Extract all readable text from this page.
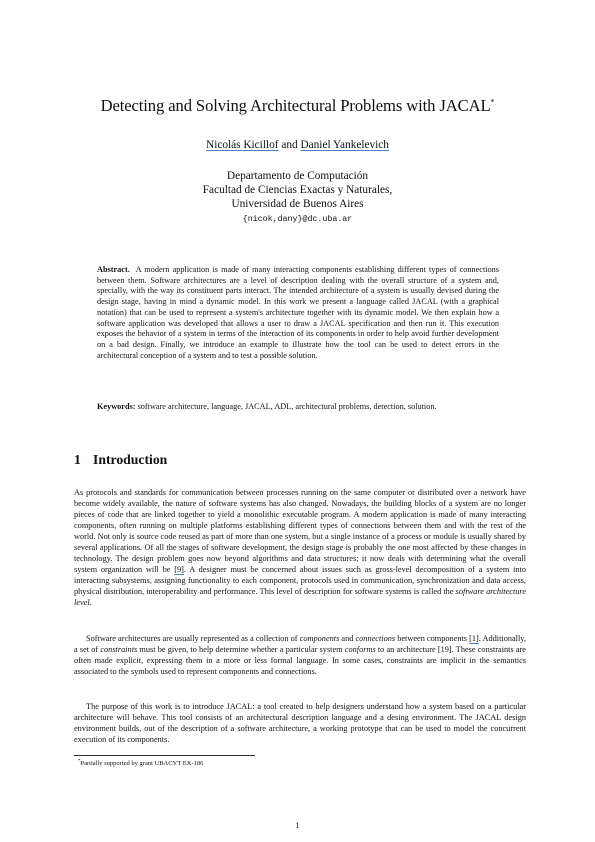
Detecting and Solving Architectural Problems with JACAL*
Nicolás Kicillof and Daniel Yankelevich
Departamento de Computación
Facultad de Ciencias Exactas y Naturales,
Universidad de Buenos Aires
{nicok,dany}@dc.uba.ar
Abstract. A modern application is made of many interacting components establishing different types of connections between them. Software architectures are a level of description dealing with the overall structure of a system and, specially, with the way its constituent parts interact. The intended architecture of a system is usually devised during the design stage, having in mind a dynamic model. In this work we present a language called JACAL (with a graphical notation) that can be used to represent a system's architecture together with its dynamic model. We then explain how a software application was developed that allows a user to draw a JACAL specification and then run it. This execution exposes the behavior of a system in terms of the interaction of its components in order to help avoid further development on a bad design. Finally, we introduce an example to illustrate how the tool can be used to detect errors in the architectural conception of a system and to test a possible solution.
Keywords: software architecture, language, JACAL, ADL, architectural problems, detection, solution.
1 Introduction
As protocols and standards for communication between processes running on the same computer or distributed over a network have become widely available, the nature of software systems has also changed. Nowadays, the building blocks of a system are no longer pieces of code that are linked together to yield a monolithic executable program. A modern application is made of many interacting components, often running on multiple platforms establishing different types of connections between them and with the rest of the world. Not only is source code reused as part of more than one system, but a single instance of a process or module is usually shared by several applications. Of all the stages of software development, the design stage is probably the one most affected by these changes in technology. The design problem goes now beyond algorithms and data structures; it now deals with determining what the overall system organization will be [9]. A designer must be concerned about issues such as gross-level decomposition of a system into interacting subsystems, assigning functionality to each component, protocols used in communication, synchronization and data access, physical distribution, interoperability and performance. This level of description for software systems is called the software architecture level.
Software architectures are usually represented as a collection of components and connections between components [1]. Additionally, a set of constraints must be given, to help determine whether a particular system conforms to an architecture [19]. These constraints are often made explicit, expressing them in a more or less formal language. In some cases, constraints are implicit in the semantics associated to the symbols used to represent components and connections.
The purpose of this work is to introduce JACAL: a tool created to help designers understand how a system based on a particular architecture will behave. This tool consists of an architectural description language and a desing environment. The JACAL design environment builds, out of the description of a software architecture, a working prototype that can be used to model the concurrent execution of its components.
*Partially supported by grant UBACYT EX-186
1
